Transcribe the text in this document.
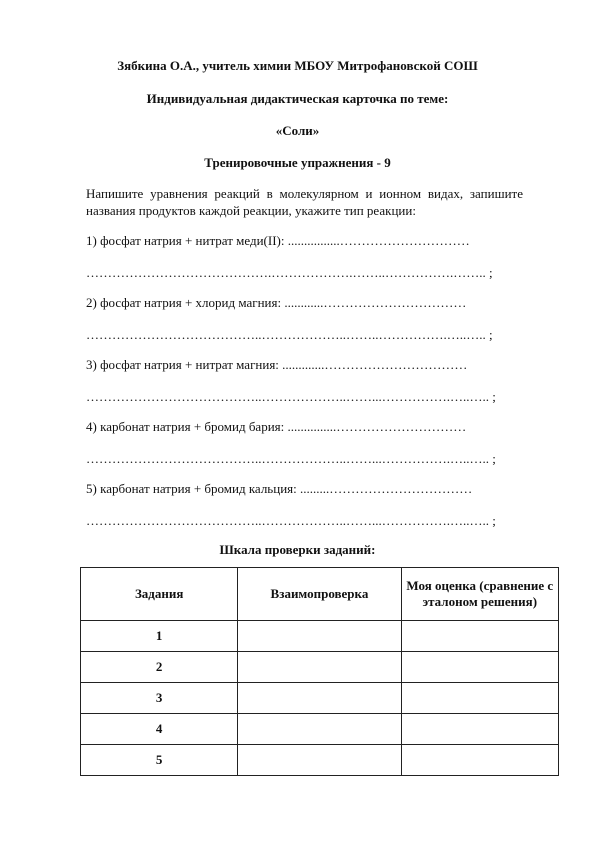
Зябкина О.А., учитель химии МБОУ Митрофановской СОШ
Индивидуальная дидактическая карточка по теме:
«Соли»
Тренировочные упражнения - 9
Напишите уравнения реакций в молекулярном и ионном видах, запишите названия продуктов каждой реакции, укажите тип реакции:
1) фосфат натрия + нитрат меди(II): ................…………………………
…………………………………….……………….……..…………….…….. ;
2) фосфат натрия + хлорид магния: ............……………………………
…………………………………..………………..……..…………….…..….. ;
3) фосфат натрия + нитрат магния: .............……………………………
…………………………………..………………..……...…………….…..….. ;
4) карбонат натрия + бромид бария: ...............…………………………
…………………………………..………………..……...…………….…..….. ;
5) карбонат натрия + бромид кальция: .........……………………………
…………………………………..………………..……...…………….…..….. ;
Шкала проверки заданий:
Задания	Взаимопроверка	Моя оценка (сравнение с эталоном решения)
1		
2		
3		
4		
5		
